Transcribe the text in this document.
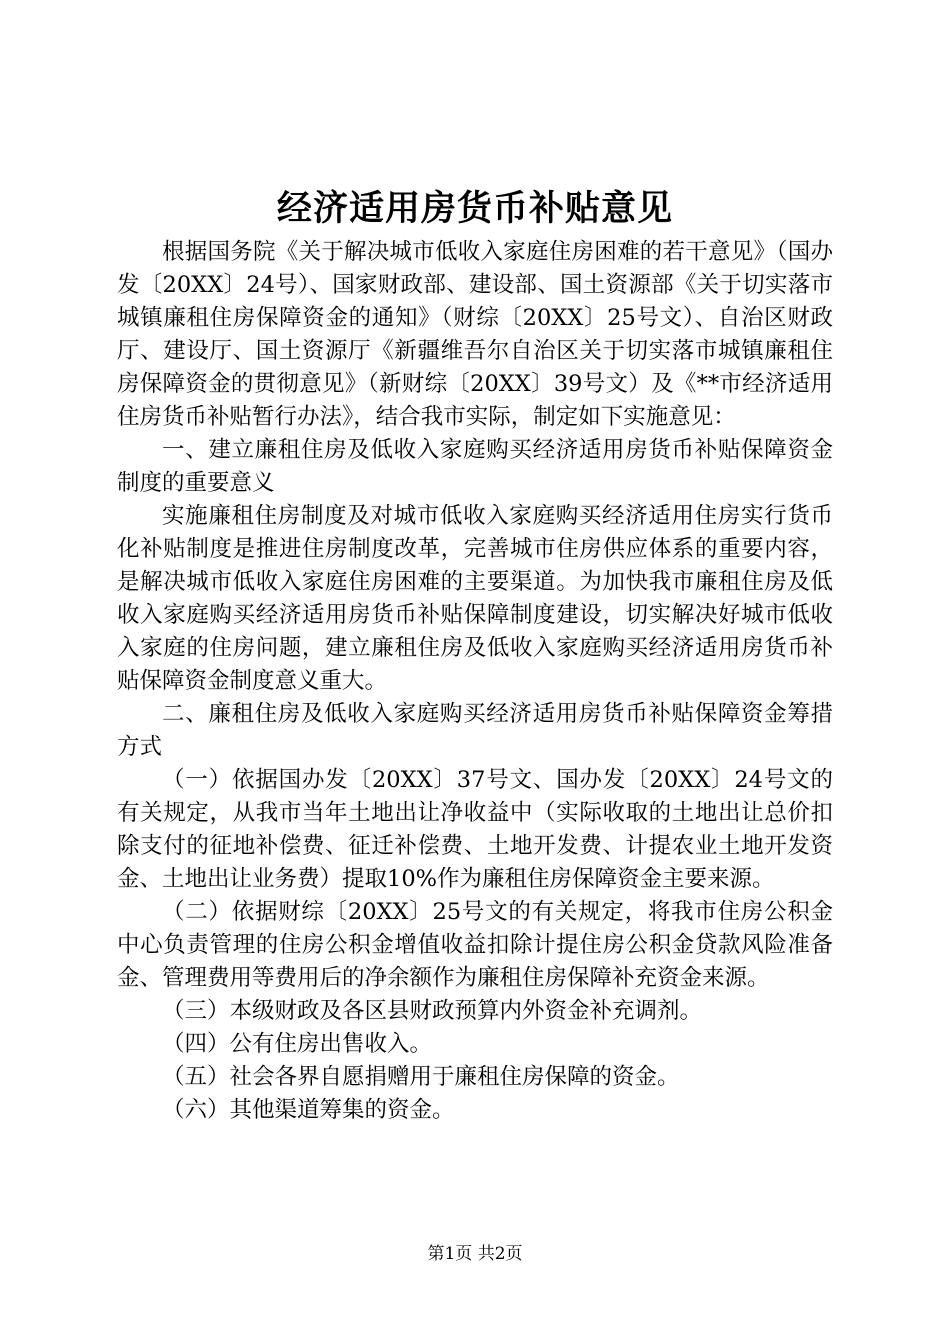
经济适用房货币补贴意见

根据国务院《关于解决城市低收入家庭住房困难的若干意见》（国办发〔20XX〕24号）、国家财政部、建设部、国土资源部《关于切实落市城镇廉租住房保障资金的通知》（财综〔20XX〕25号文）、自治区财政厅、建设厅、国土资源厅《新疆维吾尔自治区关于切实落市城镇廉租住房保障资金的贯彻意见》（新财综〔20XX〕39号文）及《**市经济适用住房货币补贴暂行办法》，结合我市实际，制定如下实施意见：

一、建立廉租住房及低收入家庭购买经济适用房货币补贴保障资金制度的重要意义

实施廉租住房制度及对城市低收入家庭购买经济适用住房实行货币化补贴制度是推进住房制度改革，完善城市住房供应体系的重要内容，是解决城市低收入家庭住房困难的主要渠道。为加快我市廉租住房及低收入家庭购买经济适用房货币补贴保障制度建设，切实解决好城市低收入家庭的住房问题，建立廉租住房及低收入家庭购买经济适用房货币补贴保障资金制度意义重大。

二、廉租住房及低收入家庭购买经济适用房货币补贴保障资金筹措方式

（一）依据国办发〔20XX〕37号文、国办发〔20XX〕24号文的有关规定，从我市当年土地出让净收益中（实际收取的土地出让总价扣除支付的征地补偿费、征迁补偿费、土地开发费、计提农业土地开发资金、土地出让业务费）提取10%作为廉租住房保障资金主要来源。

（二）依据财综〔20XX〕25号文的有关规定，将我市住房公积金中心负责管理的住房公积金增值收益扣除计提住房公积金贷款风险准备金、管理费用等费用后的净余额作为廉租住房保障补充资金来源。

（三）本级财政及各区县财政预算内外资金补充调剂。

（四）公有住房出售收入。

（五）社会各界自愿捐赠用于廉租住房保障的资金。

（六）其他渠道筹集的资金。

第1页 共2页
